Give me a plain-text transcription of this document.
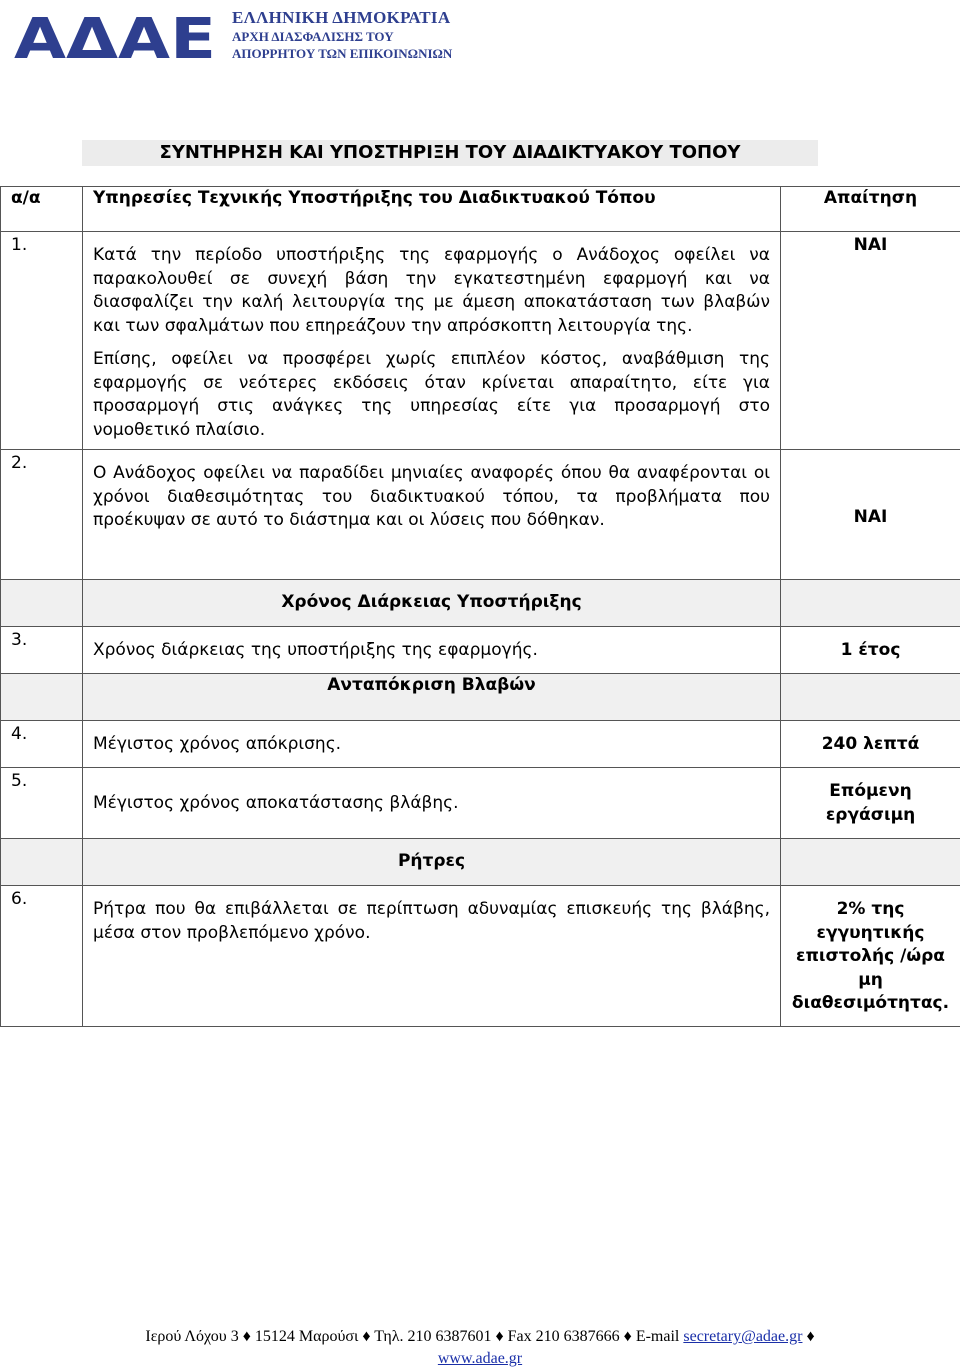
ΑΔΑΕ ΕΛΛΗΝΙΚΗ ΔΗΜΟΚΡΑΤΙΑ
ΑΡΧΗ ΔΙΑΣΦΑΛΙΣΗΣ ΤΟΥ
ΑΠΟΡΡΗΤΟΥ ΤΩΝ ΕΠΙΚΟΙΝΩΝΙΩΝ
ΣΥΝΤΗΡΗΣΗ ΚΑΙ ΥΠΟΣΤΗΡΙΞΗ ΤΟΥ ΔΙΑΔΙΚΤΥΑΚΟΥ ΤΟΠΟΥ
α/α	Υπηρεσίες Τεχνικής Υποστήριξης του Διαδικτυακού Τόπου	Απαίτηση
1.	Κατά την περίοδο υποστήριξης της εφαρμογής ο Ανάδοχος οφείλει να παρακολουθεί σε συνεχή βάση την εγκατεστημένη εφαρμογή και να διασφαλίζει την καλή λειτουργία της με άμεση αποκατάσταση των βλαβών και των σφαλμάτων που επηρεάζουν την απρόσκοπτη λειτουργία της.

Επίσης, οφείλει να προσφέρει χωρίς επιπλέον κόστος, αναβάθμιση της εφαρμογής σε νεότερες εκδόσεις όταν κρίνεται απαραίτητο, είτε για προσαρμογή στις ανάγκες της υπηρεσίας είτε για προσαρμογή στο νομοθετικό πλαίσιο.	ΝΑΙ
2.	Ο Ανάδοχος οφείλει να παραδίδει μηνιαίες αναφορές όπου θα αναφέρονται οι χρόνοι διαθεσιμότητας του διαδικτυακού τόπου, τα προβλήματα που προέκυψαν σε αυτό το διάστημα και οι λύσεις που δόθηκαν.	ΝΑΙ
	Χρόνος Διάρκειας Υποστήριξης	
3.	Χρόνος διάρκειας της υποστήριξης της εφαρμογής.	1 έτος
	Ανταπόκριση Βλαβών	
4.	Μέγιστος χρόνος απόκρισης.	240 λεπτά
5.	Μέγιστος χρόνος αποκατάστασης βλάβης.	Επόμενη εργάσιμη
	Ρήτρες	
6.	Ρήτρα που θα επιβάλλεται σε περίπτωση αδυναμίας επισκευής της βλάβης, μέσα στον προβλεπόμενο χρόνο.	2% της εγγυητικής επιστολής /ώρα μη διαθεσιμότητας.
Ιερού Λόχου 3 ♦ 15124 Μαρούσι ♦ Τηλ. 210 6387601 ♦ Fax 210 6387666 ♦ E-mail secretary@adae.gr ♦
www.adae.gr
